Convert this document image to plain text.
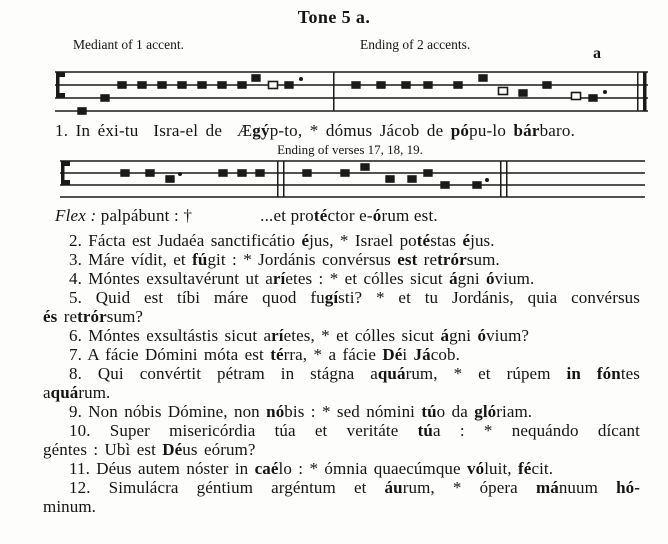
Tone 5 a.
Mediant of 1 accent.	Ending of 2 accents.
a
1. In éxi-tu  Isra-el de  Ægýp-to, * dómus Jácob de pópu-lo bárbaro.
Ending of verses 17, 18, 19.
Flex : palpábunt : †	...et protéctor e-órum est.
2. Fácta est Judaéa sanctificátio éjus, * Israel potéstas éjus.
3. Máre vídit, et fúgit : * Jordánis convérsus est retrórsum.
4. Móntes exsultavérunt ut aríetes : * et cólles sicut ágni óvium.
5. Quid est tíbi máre quod fugísti? * et tu Jordánis, quia convérsus
és retrórsum?
6. Móntes exsultástis sicut aríetes, * et cólles sicut ágni óvium?
7. A fácie Dómini móta est térra, * a fácie Déi Jácob.
8. Qui convértit pétram in stágna aquárum, * et rúpem in fóntes
aquárum.
9. Non nóbis Dómine, non nóbis : * sed nómini túo da glóriam.
10. Super misericórdia túa et veritáte túa : * nequándo dícant
géntes : Ubì est Déus eórum?
11. Déus autem nóster in caélo : * ómnia quaecúmque vóluit, fécit.
12. Simulácra géntium argéntum et áurum, * ópera mánuum hó-
minum.
